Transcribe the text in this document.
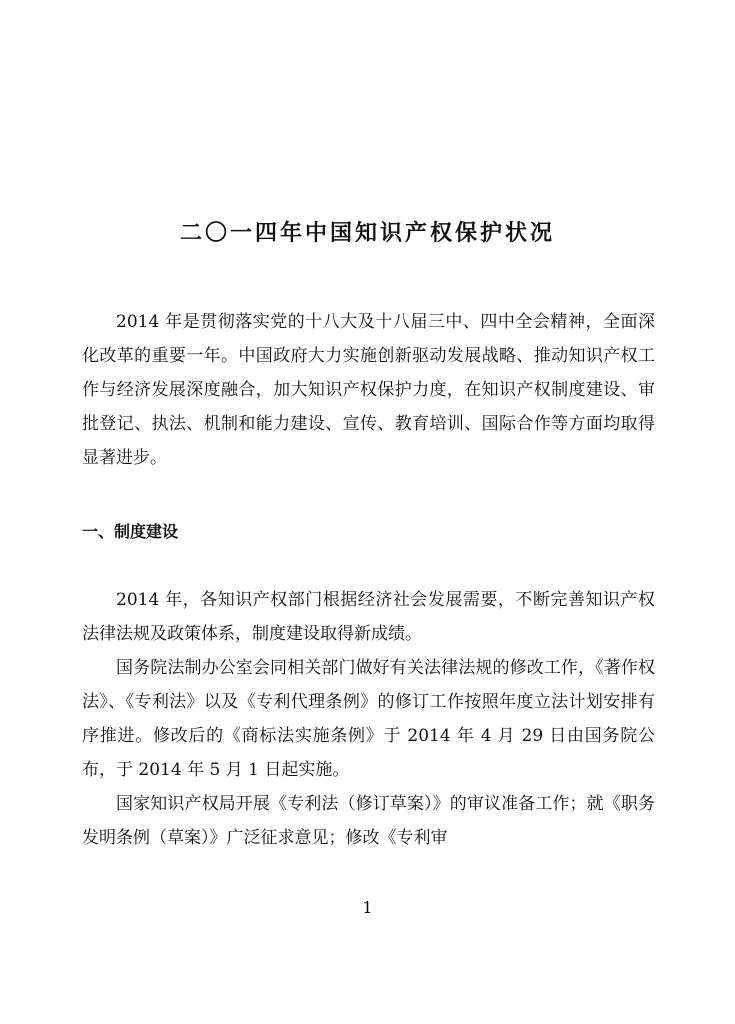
二〇一四年中国知识产权保护状况

2014 年是贯彻落实党的十八大及十八届三中、四中全会精神，全面深化改革的重要一年。中国政府大力实施创新驱动发展战略、推动知识产权工作与经济发展深度融合，加大知识产权保护力度，在知识产权制度建设、审批登记、执法、机制和能力建设、宣传、教育培训、国际合作等方面均取得显著进步。

一、制度建设

2014 年，各知识产权部门根据经济社会发展需要，不断完善知识产权法律法规及政策体系，制度建设取得新成绩。

国务院法制办公室会同相关部门做好有关法律法规的修改工作，《著作权法》、《专利法》以及《专利代理条例》的修订工作按照年度立法计划安排有序推进。修改后的《商标法实施条例》于 2014 年 4 月 29 日由国务院公布，于 2014 年 5 月 1 日起实施。

国家知识产权局开展《专利法（修订草案）》的审议准备工作；就《职务发明条例（草案）》广泛征求意见；修改《专利审

1
